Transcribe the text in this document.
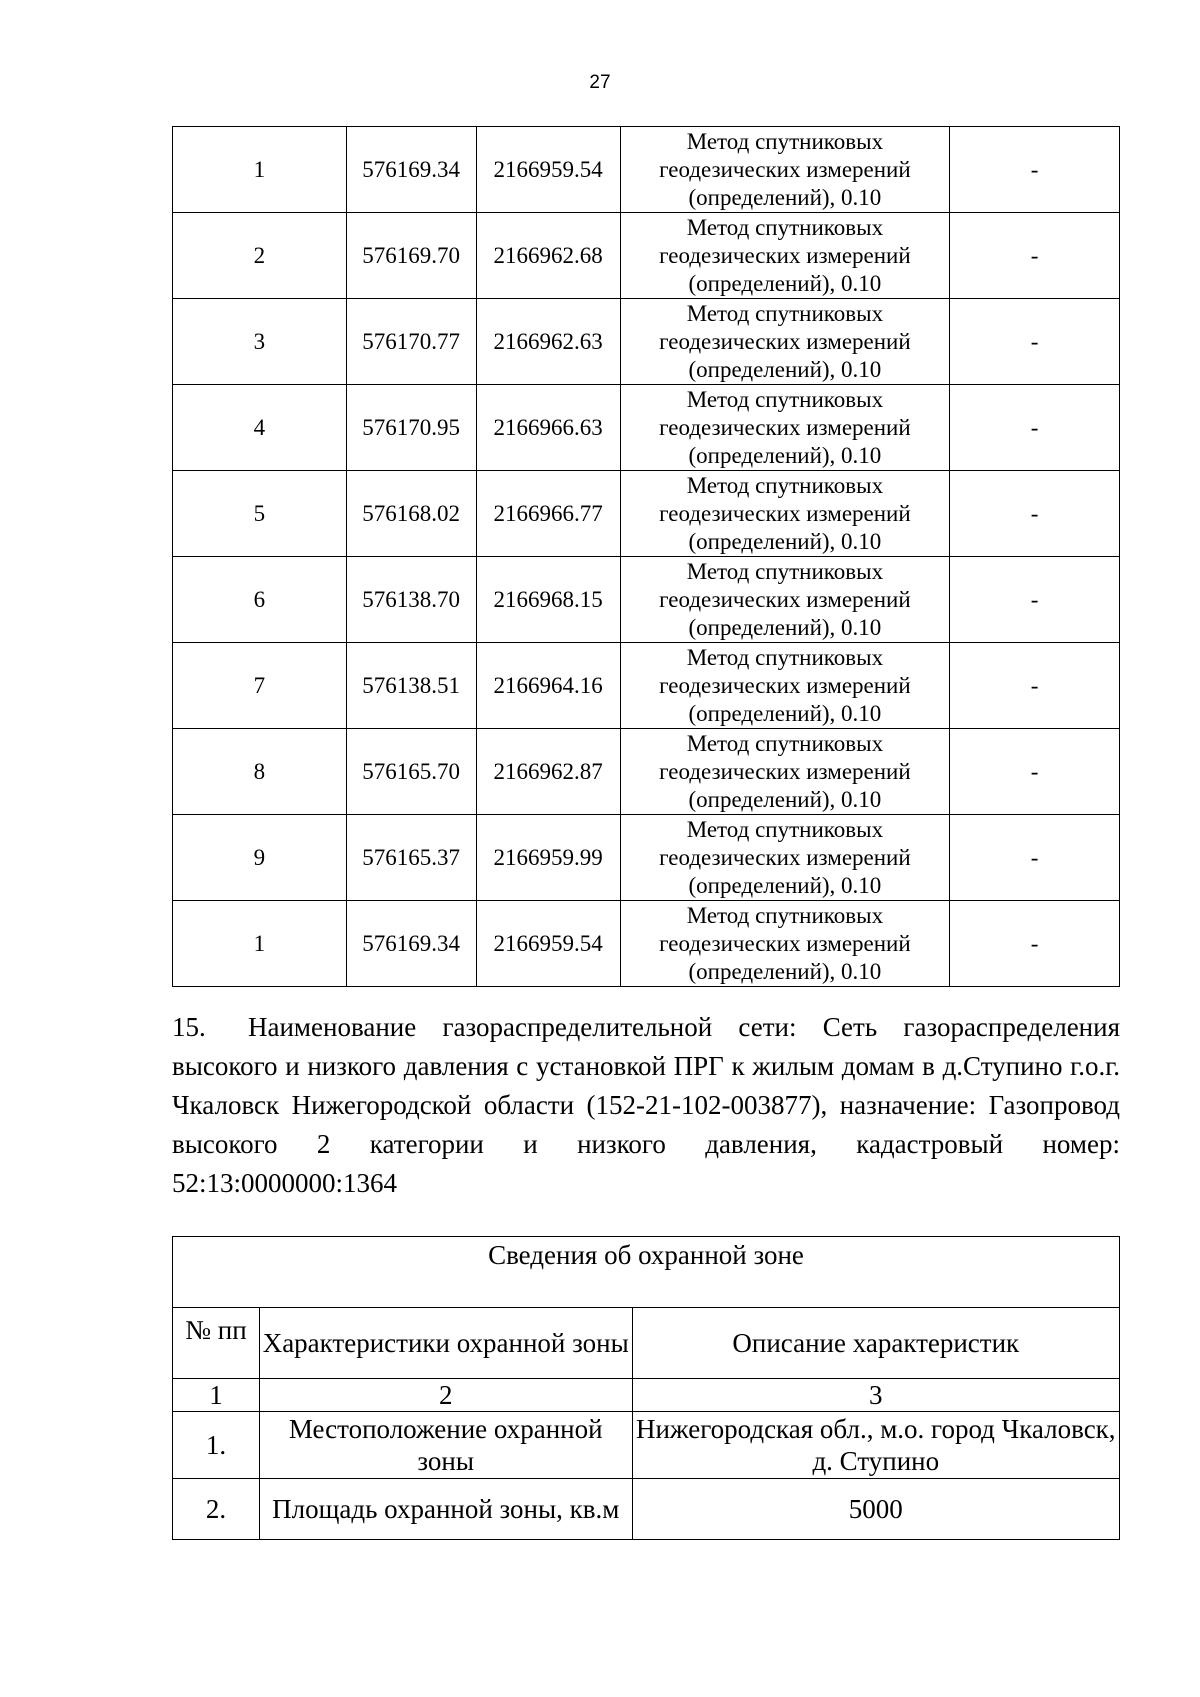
27
1	576169.34	2166959.54	Метод спутниковых
геодезических измерений
(определений), 0.10	-
2	576169.70	2166962.68	Метод спутниковых
геодезических измерений
(определений), 0.10	-
3	576170.77	2166962.63	Метод спутниковых
геодезических измерений
(определений), 0.10	-
4	576170.95	2166966.63	Метод спутниковых
геодезических измерений
(определений), 0.10	-
5	576168.02	2166966.77	Метод спутниковых
геодезических измерений
(определений), 0.10	-
6	576138.70	2166968.15	Метод спутниковых
геодезических измерений
(определений), 0.10	-
7	576138.51	2166964.16	Метод спутниковых
геодезических измерений
(определений), 0.10	-
8	576165.70	2166962.87	Метод спутниковых
геодезических измерений
(определений), 0.10	-
9	576165.37	2166959.99	Метод спутниковых
геодезических измерений
(определений), 0.10	-
1	576169.34	2166959.54	Метод спутниковых
геодезических измерений
(определений), 0.10	-
15. Наименование газораспределительной сети: Сеть газораспределения высокого и низкого давления с установкой ПРГ к жилым домам в д.Ступино г.о.г. Чкаловск Нижегородской области (152-21-102-003877), назначение: Газопровод высокого 2 категории и низкого давления, кадастровый номер: 52:13:0000000:1364
Сведения об охранной зоне		
№ пп	Характеристики охранной зоны	Описание характеристик
1	2	3
1.	Местоположение охранной зоны	Нижегородская обл., м.о. город Чкаловск, д. Ступино
2.	Площадь охранной зоны, кв.м	5000
